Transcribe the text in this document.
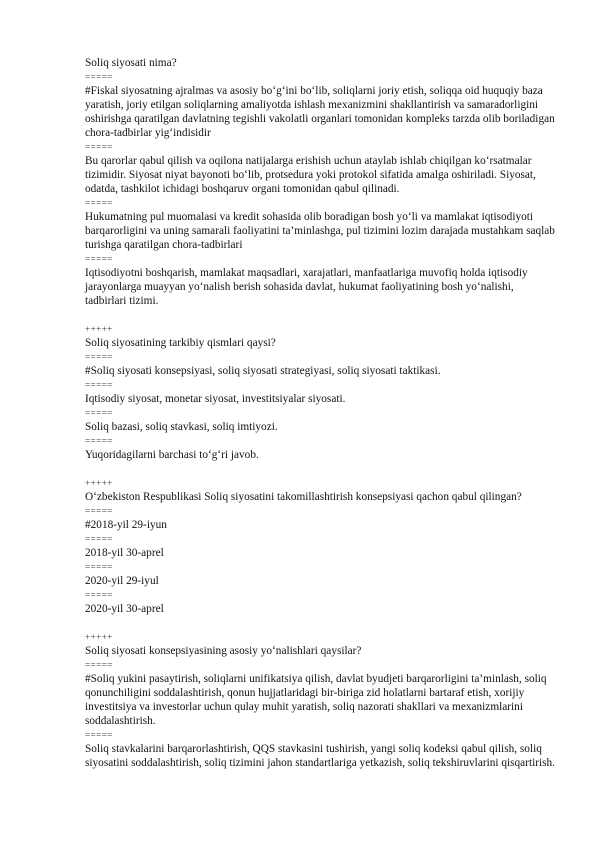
Soliq siyosati nima?

=====

#Fiskal siyosatning ajralmas va asosiy bo‘g‘ini bo‘lib, soliqlarni joriy etish, soliqqa oid huquqiy baza yaratish, joriy etilgan soliqlarning amaliyotda ishlash mexanizmini shakllantirish va samaradorligini oshirishga qaratilgan davlatning tegishli vakolatli organlari tomonidan kompleks tarzda olib boriladigan chora-tadbirlar yig‘indisidir

=====

Bu qarorlar qabul qilish va oqilona natijalarga erishish uchun ataylab ishlab chiqilgan ko‘rsatmalar tizimidir. Siyosat niyat bayonoti bo‘lib, protsedura yoki protokol sifatida amalga oshiriladi. Siyosat, odatda, tashkilot ichidagi boshqaruv organi tomonidan qabul qilinadi.

=====

Hukumatning pul muomalasi va kredit sohasida olib boradigan bosh yo‘li va mamlakat iqtisodiyoti barqarorligini va uning samarali faoliyatini ta’minlashga, pul tizimini lozim darajada mustahkam saqlab turishga qaratilgan chora-tadbirlari

=====

Iqtisodiyotni boshqarish, mamlakat maqsadlari, xarajatlari, manfaatlariga muvofiq holda iqtisodiy jarayonlarga muayyan yo‘nalish berish sohasida davlat, hukumat faoliyatining bosh yo‘nalishi, tadbirlari tizimi.

+++++

Soliq siyosatining tarkibiy qismlari qaysi?

=====

#Soliq siyosati konsepsiyasi, soliq siyosati strategiyasi, soliq siyosati taktikasi.

=====

Iqtisodiy siyosat, monetar siyosat, investitsiyalar siyosati.

=====

Soliq bazasi, soliq stavkasi, soliq imtiyozi.

=====

Yuqoridagilarni barchasi to‘g‘ri javob.

+++++

O‘zbekiston Respublikasi Soliq siyosatini takomillashtirish konsepsiyasi qachon qabul qilingan?

=====

#2018-yil 29-iyun

=====

2018-yil 30-aprel

=====

2020-yil 29-iyul

=====

2020-yil 30-aprel

+++++

Soliq siyosati konsepsiyasining asosiy yo‘nalishlari qaysilar?

=====

#Soliq yukini pasaytirish, soliqlarni unifikatsiya qilish, davlat byudjeti barqarorligini ta’minlash, soliq qonunchiligini soddalashtirish, qonun hujjatlaridagi bir-biriga zid holatlarni bartaraf etish, xorijiy investitsiya va investorlar uchun qulay muhit yaratish, soliq nazorati shakllari va mexanizmlarini soddalashtirish.

=====

Soliq stavkalarini barqarorlashtirish, QQS stavkasini tushirish, yangi soliq kodeksi qabul qilish, soliq siyosatini soddalashtirish, soliq tizimini jahon standartlariga yetkazish, soliq tekshiruvlarini qisqartirish.
